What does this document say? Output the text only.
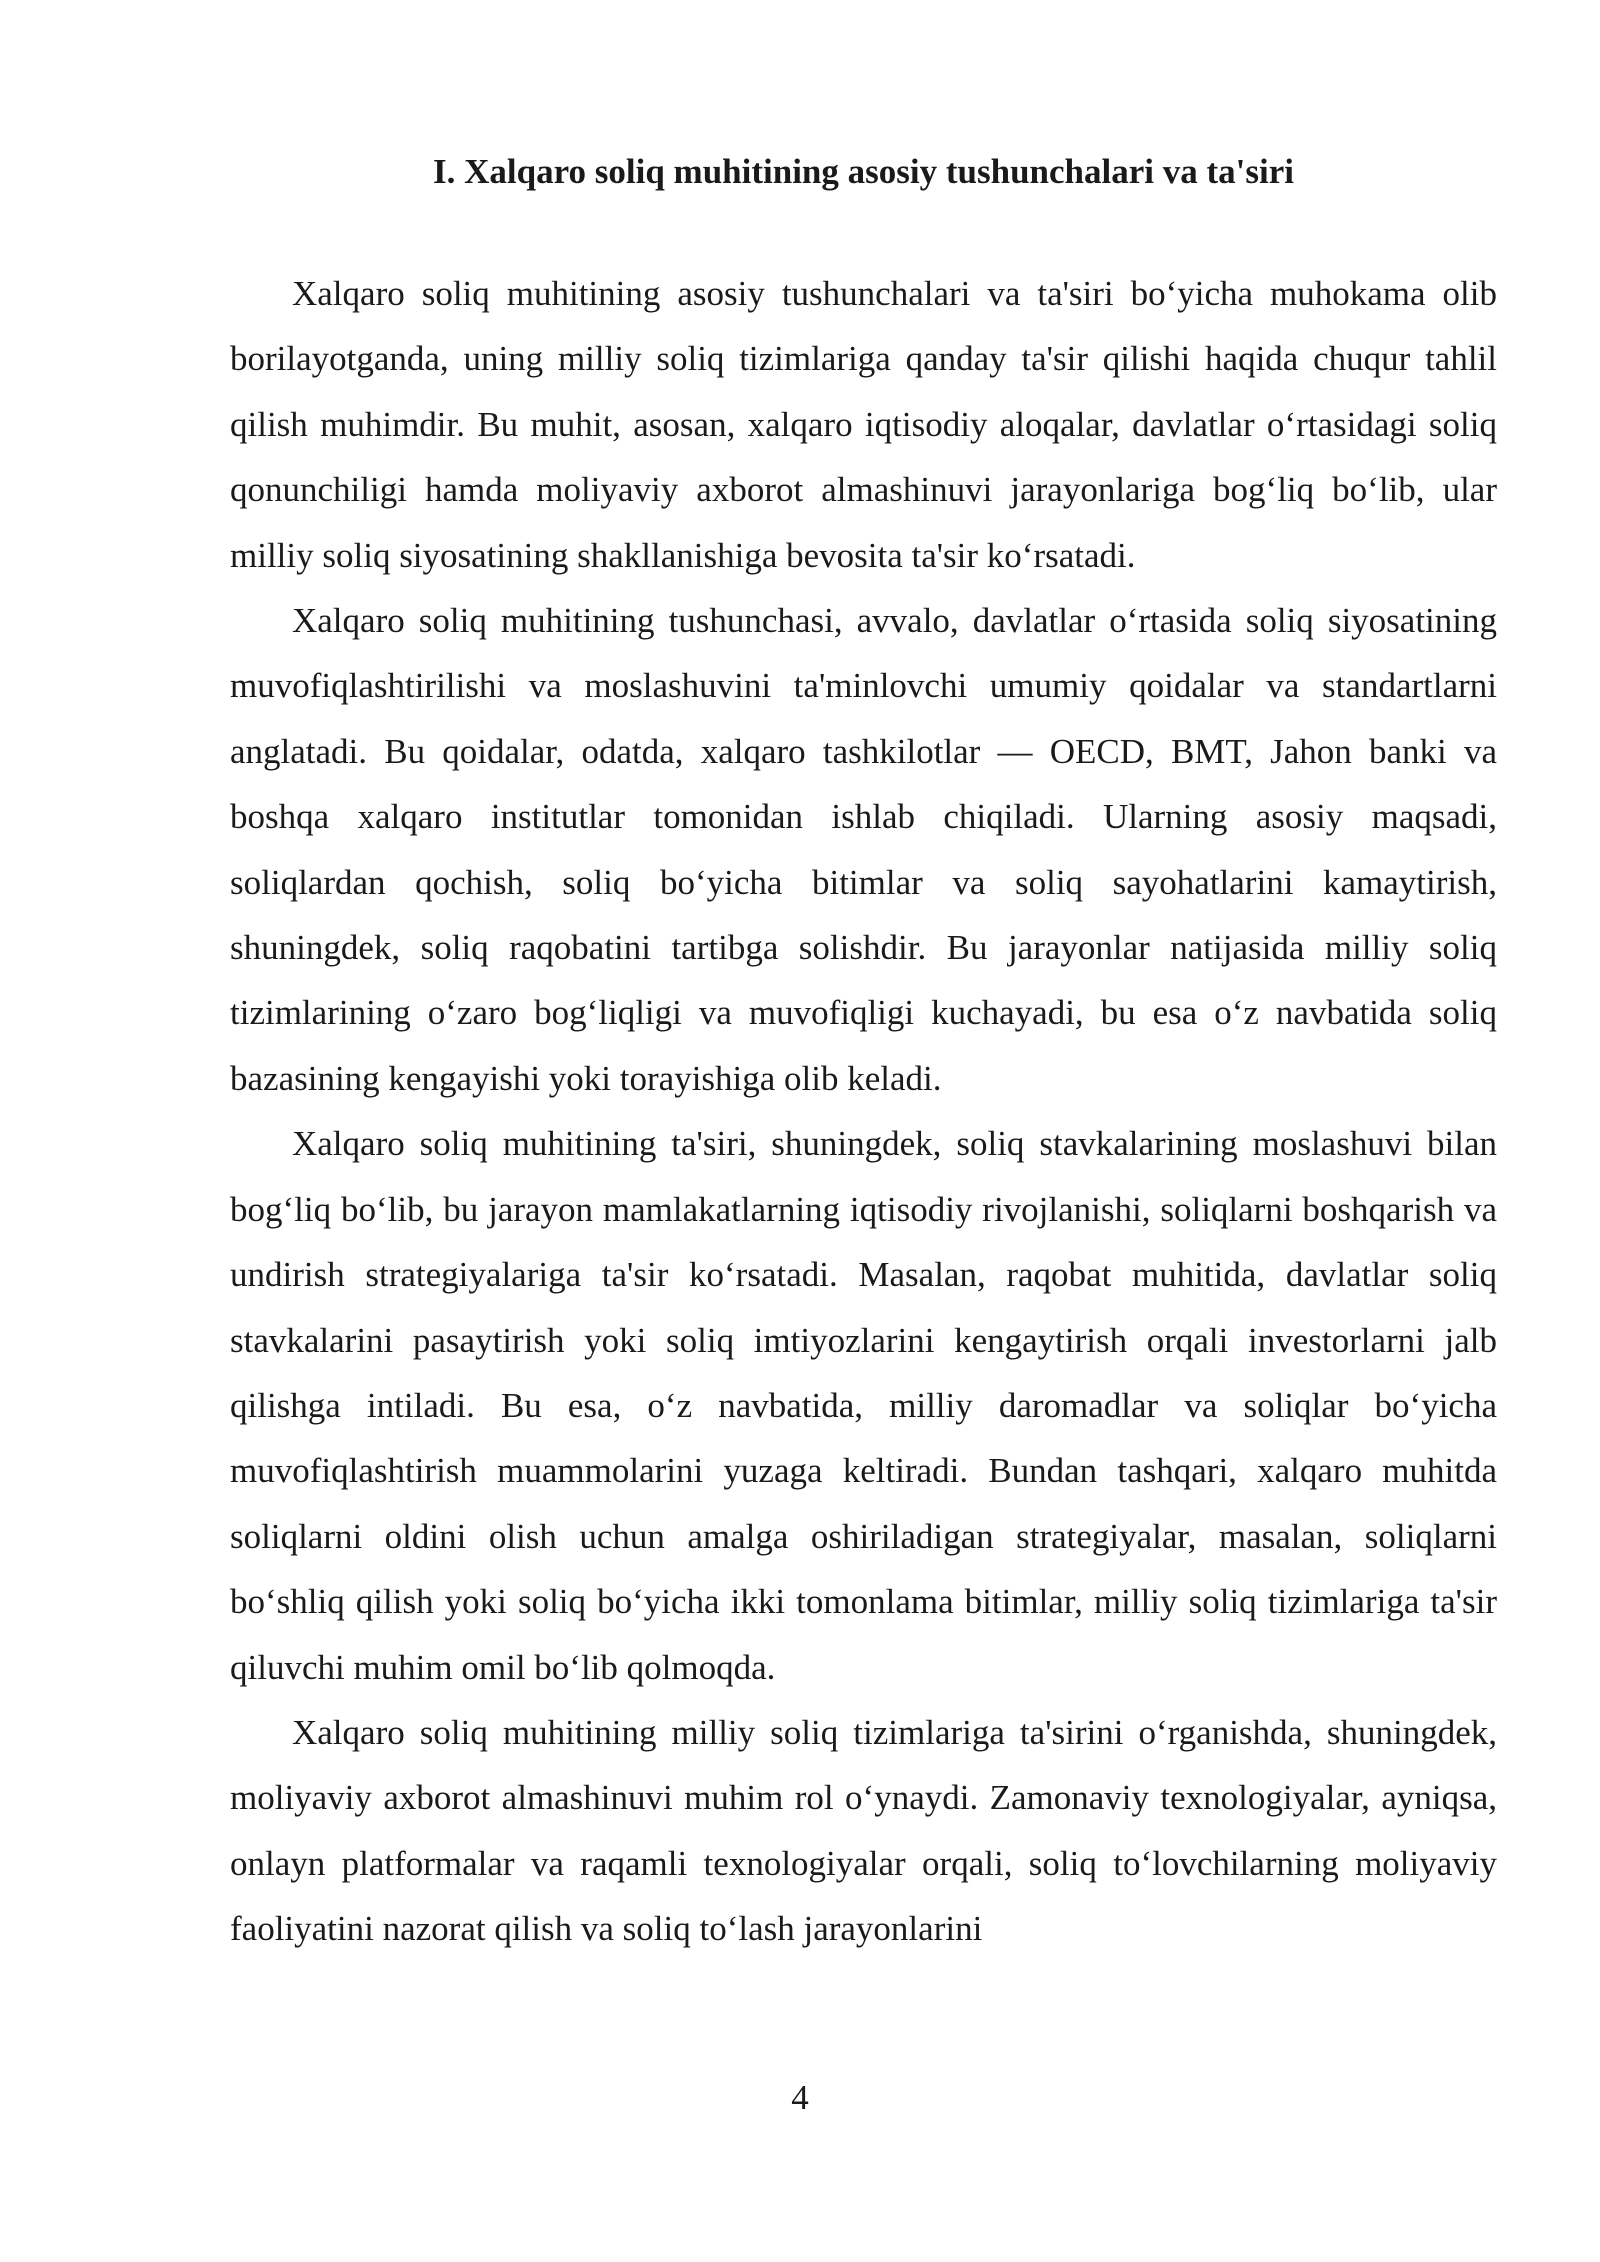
I. Xalqaro soliq muhitining asosiy tushunchalari va ta'siri

Xalqaro soliq muhitining asosiy tushunchalari va ta'siri bo‘yicha muhokama olib borilayotganda, uning milliy soliq tizimlariga qanday ta'sir qilishi haqida chuqur tahlil qilish muhimdir. Bu muhit, asosan, xalqaro iqtisodiy aloqalar, davlatlar o‘rtasidagi soliq qonunchiligi hamda moliyaviy axborot almashinuvi jarayonlariga bog‘liq bo‘lib, ular milliy soliq siyosatining shakllanishiga bevosita ta'sir ko‘rsatadi.

Xalqaro soliq muhitining tushunchasi, avvalo, davlatlar o‘rtasida soliq siyosatining muvofiqlashtirilishi va moslashuvini ta'minlovchi umumiy qoidalar va standartlarni anglatadi. Bu qoidalar, odatda, xalqaro tashkilotlar — OECD, BMT, Jahon banki va boshqa xalqaro institutlar tomonidan ishlab chiqiladi. Ularning asosiy maqsadi, soliqlardan qochish, soliq bo‘yicha bitimlar va soliq sayohatlarini kamaytirish, shuningdek, soliq raqobatini tartibga solishdir. Bu jarayonlar natijasida milliy soliq tizimlarining o‘zaro bog‘liqligi va muvofiqligi kuchayadi, bu esa o‘z navbatida soliq bazasining kengayishi yoki torayishiga olib keladi.

Xalqaro soliq muhitining ta'siri, shuningdek, soliq stavkalarining moslashuvi bilan bog‘liq bo‘lib, bu jarayon mamlakatlarning iqtisodiy rivojlanishi, soliqlarni boshqarish va undirish strategiyalariga ta'sir ko‘rsatadi. Masalan, raqobat muhitida, davlatlar soliq stavkalarini pasaytirish yoki soliq imtiyozlarini kengaytirish orqali investorlarni jalb qilishga intiladi. Bu esa, o‘z navbatida, milliy daromadlar va soliqlar bo‘yicha muvofiqlashtirish muammolarini yuzaga keltiradi. Bundan tashqari, xalqaro muhitda soliqlarni oldini olish uchun amalga oshiriladigan strategiyalar, masalan, soliqlarni bo‘shliq qilish yoki soliq bo‘yicha ikki tomonlama bitimlar, milliy soliq tizimlariga ta'sir qiluvchi muhim omil bo‘lib qolmoqda.

Xalqaro soliq muhitining milliy soliq tizimlariga ta'sirini o‘rganishda, shuningdek, moliyaviy axborot almashinuvi muhim rol o‘ynaydi. Zamonaviy texnologiyalar, ayniqsa, onlayn platformalar va raqamli texnologiyalar orqali, soliq to‘lovchilarning moliyaviy faoliyatini nazorat qilish va soliq to‘lash jarayonlarini

4
